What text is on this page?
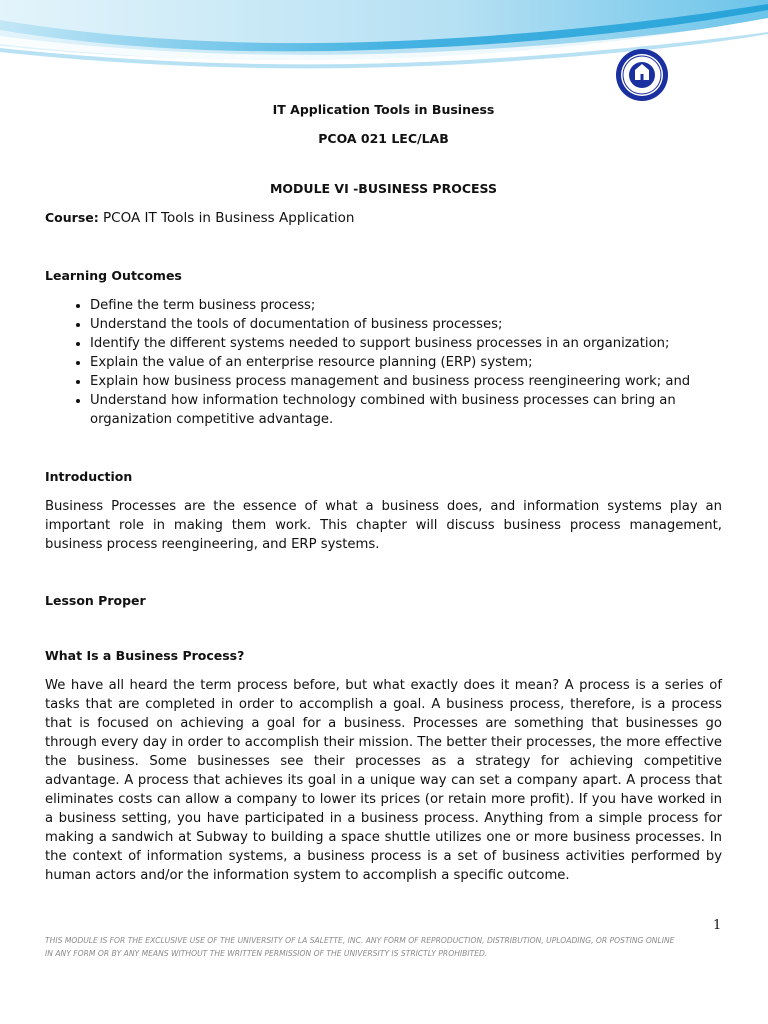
IT Application Tools in Business
PCOA 021 LEC/LAB
MODULE VI -BUSINESS PROCESS
Course: PCOA IT Tools in Business Application
Learning Outcomes
• Define the term business process;
• Understand the tools of documentation of business processes;
• Identify the different systems needed to support business processes in an organization;
• Explain the value of an enterprise resource planning (ERP) system;
• Explain how business process management and business process reengineering work; and
• Understand how information technology combined with business processes can bring an organization competitive advantage.
Introduction

Business Processes are the essence of what a business does, and information systems play an important role in making them work. This chapter will discuss business process management, business process reengineering, and ERP systems.

Lesson Proper
What Is a Business Process?

We have all heard the term process before, but what exactly does it mean? A process is a series of tasks that are completed in order to accomplish a goal. A business process, therefore, is a process that is focused on achieving a goal for a business. Processes are something that businesses go through every day in order to accomplish their mission. The better their processes, the more effective the business. Some businesses see their processes as a strategy for achieving competitive advantage. A process that achieves its goal in a unique way can set a company apart. A process that eliminates costs can allow a company to lower its prices (or retain more profit). If you have worked in a business setting, you have participated in a business process. Anything from a simple process for making a sandwich at Subway to building a space shuttle utilizes one or more business processes. In the context of information systems, a business process is a set of business activities performed by human actors and/or the information system to accomplish a specific outcome.

1
THIS MODULE IS FOR THE EXCLUSIVE USE OF THE UNIVERSITY OF LA SALETTE, INC. ANY FORM OF REPRODUCTION, DISTRIBUTION, UPLOADING, OR POSTING ONLINE
IN ANY FORM OR BY ANY MEANS WITHOUT THE WRITTEN PERMISSION OF THE UNIVERSITY IS STRICTLY PROHIBITED.
